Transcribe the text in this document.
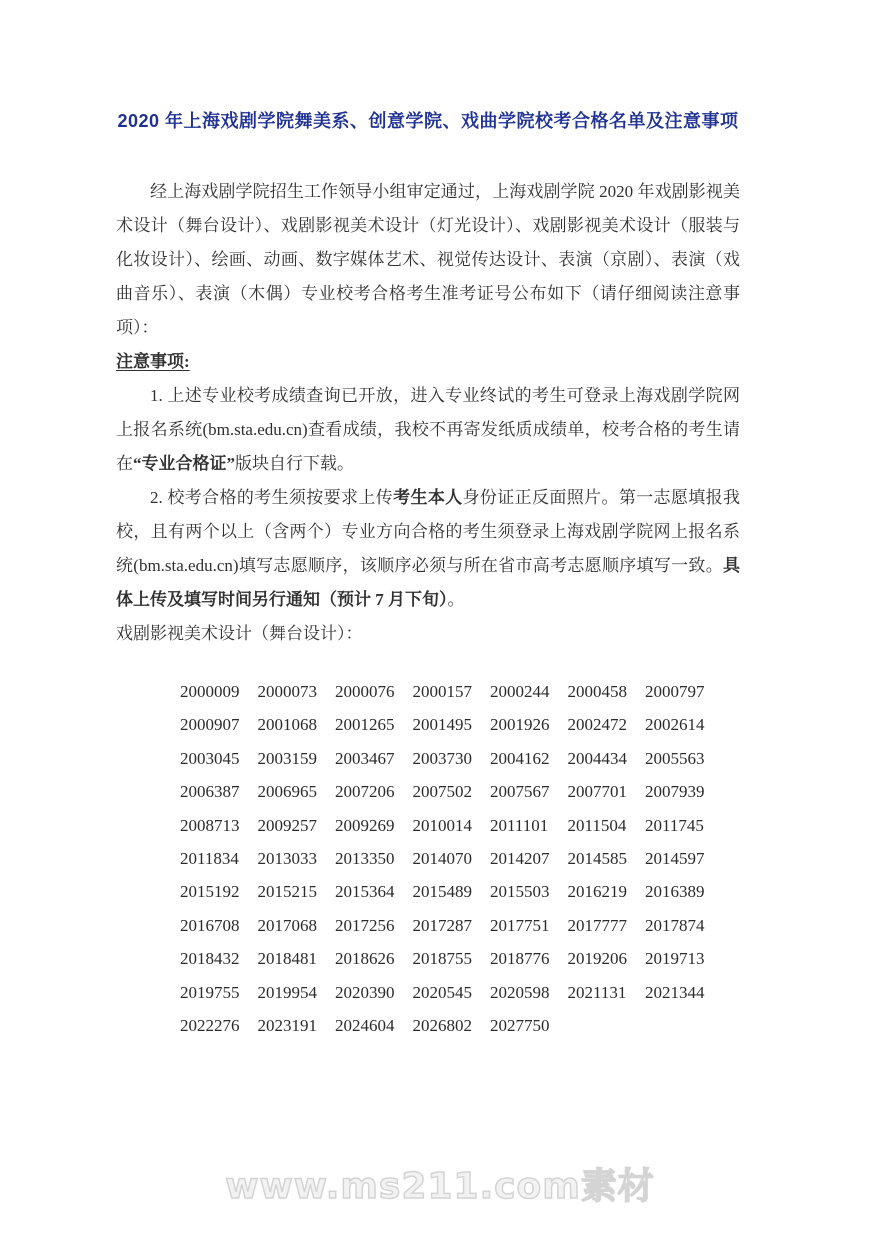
2020 年上海戏剧学院舞美系、创意学院、戏曲学院校考合格名单及注意事项

经上海戏剧学院招生工作领导小组审定通过，上海戏剧学院 2020 年戏剧影视美术设计（舞台设计）、戏剧影视美术设计（灯光设计）、戏剧影视美术设计（服装与化妆设计）、绘画、动画、数字媒体艺术、视觉传达设计、表演（京剧）、表演（戏曲音乐）、表演（木偶）专业校考合格考生准考证号公布如下（请仔细阅读注意事项）：

注意事项:

1. 上述专业校考成绩查询已开放，进入专业终试的考生可登录上海戏剧学院网上报名系统(bm.sta.edu.cn)查看成绩，我校不再寄发纸质成绩单，校考合格的考生请在“专业合格证”版块自行下载。

2. 校考合格的考生须按要求上传考生本人身份证正反面照片。第一志愿填报我校，且有两个以上（含两个）专业方向合格的考生须登录上海戏剧学院网上报名系统(bm.sta.edu.cn)填写志愿顺序，该顺序必须与所在省市高考志愿顺序填写一致。具体上传及填写时间另行通知（预计 7 月下旬）。

戏剧影视美术设计（舞台设计）：

2000009	2000073	2000076	2000157	2000244	2000458	2000797
2000907	2001068	2001265	2001495	2001926	2002472	2002614
2003045	2003159	2003467	2003730	2004162	2004434	2005563
2006387	2006965	2007206	2007502	2007567	2007701	2007939
2008713	2009257	2009269	2010014	2011101	2011504	2011745
2011834	2013033	2013350	2014070	2014207	2014585	2014597
2015192	2015215	2015364	2015489	2015503	2016219	2016389
2016708	2017068	2017256	2017287	2017751	2017777	2017874
2018432	2018481	2018626	2018755	2018776	2019206	2019713
2019755	2019954	2020390	2020545	2020598	2021131	2021344
2022276	2023191	2024604	2026802	2027750
www.ms211.com素材
